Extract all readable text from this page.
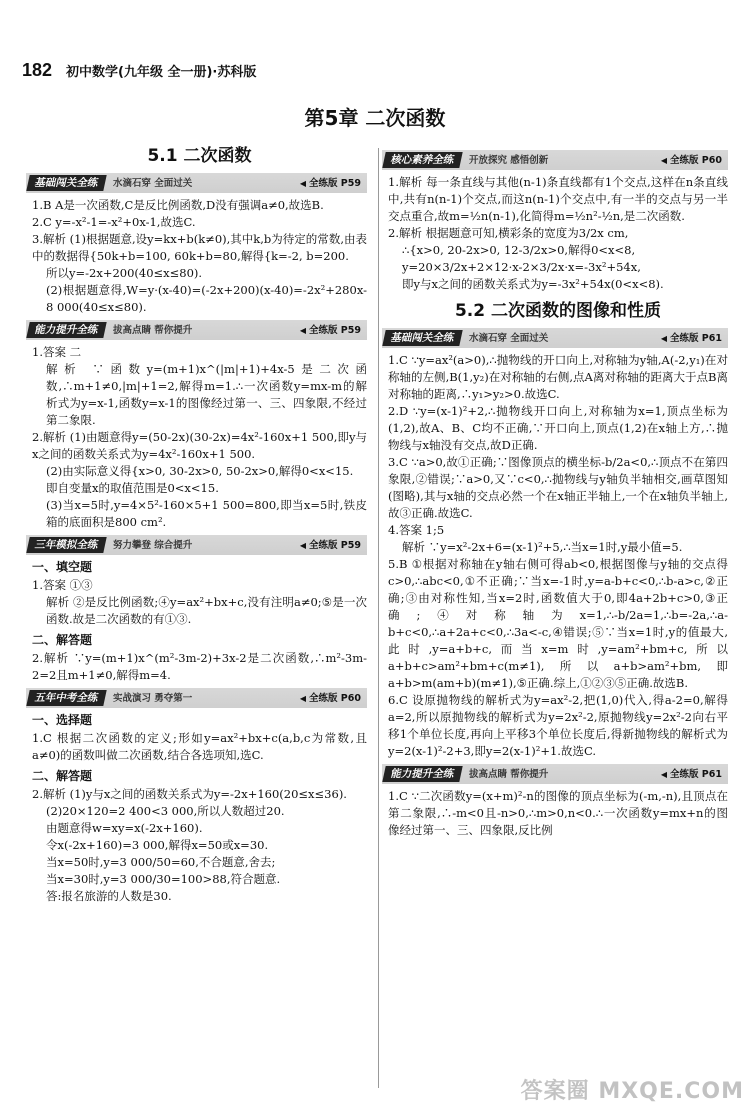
182 初中数学(九年级 全一册)·苏科版
第5章 二次函数
5.1 二次函数
基础闯关全练	水滴石穿 全面过关	◀ 全练版 P59

1.B A是一次函数,C是反比例函数,D没有强调a≠0,故选B.

2.C y=-x²-1=-x²+0x-1,故选C.

3.解析 (1)根据题意,设y=kx+b(k≠0),其中k,b为待定的常数,由表中的数据得{50k+b=100, 60k+b=80,解得{k=-2, b=200.

所以y=-2x+200(40≤x≤80).

(2)根据题意得,W=y·(x-40)=(-2x+200)(x-40)=-2x²+280x-8 000(40≤x≤80).

能力提升全练	拔高点睛 帮你提升	◀ 全练版 P59

1.答案 二

解析 ∵函数y=(m+1)x^(|m|+1)+4x-5是二次函数,∴m+1≠0,|m|+1=2,解得m=1.∴一次函数y=mx-m的解析式为y=x-1,函数y=x-1的图像经过第一、三、四象限,不经过第二象限.

2.解析 (1)由题意得y=(50-2x)(30-2x)=4x²-160x+1 500,即y与x之间的函数关系式为y=4x²-160x+1 500.

(2)由实际意义得{x>0, 30-2x>0, 50-2x>0,解得0<x<15.

即自变量x的取值范围是0<x<15.

(3)当x=5时,y=4×5²-160×5+1 500=800,即当x=5时,铁皮箱的底面积是800 cm².

三年模拟全练	努力攀登 综合提升	◀ 全练版 P59

一、填空题

1.答案 ①③

解析 ②是反比例函数;④y=ax²+bx+c,没有注明a≠0;⑤是一次函数.故是二次函数的有①③.

二、解答题

2.解析 ∵y=(m+1)x^(m²-3m-2)+3x-2是二次函数,∴m²-3m-2=2且m+1≠0,解得m=4.

五年中考全练	实战演习 勇夺第一	◀ 全练版 P60

一、选择题

1.C 根据二次函数的定义;形如y=ax²+bx+c(a,b,c为常数,且a≠0)的函数叫做二次函数,结合各选项知,选C.

二、解答题

2.解析 (1)y与x之间的函数关系式为y=-2x+160(20≤x≤36).

(2)20×120=2 400<3 000,所以人数超过20.

由题意得w=xy=x(-2x+160).

令x(-2x+160)=3 000,解得x=50或x=30.

当x=50时,y=3 000/50=60,不合题意,舍去;

当x=30时,y=3 000/30=100>88,符合题意.

答:报名旅游的人数是30.

核心素养全练	开放探究 感悟创新	◀ 全练版 P60

1.解析 每一条直线与其他(n-1)条直线都有1个交点,这样在n条直线中,共有n(n-1)个交点,而这n(n-1)个交点中,有一半的交点与另一半交点重合,故m=½n(n-1),化简得m=½n²-½n,是二次函数.

2.解析 根据题意可知,横彩条的宽度为3/2x cm,

∴{x>0, 20-2x>0, 12-3/2x>0,解得0<x<8,

y=20×3/2x+2×12·x-2×3/2x·x=-3x²+54x,

即y与x之间的函数关系式为y=-3x²+54x(0<x<8).

5.2 二次函数的图像和性质
基础闯关全练	水滴石穿 全面过关	◀ 全练版 P61

1.C ∵y=ax²(a>0),∴抛物线的开口向上,对称轴为y轴,A(-2,y₁)在对称轴的左侧,B(1,y₂)在对称轴的右侧,点A离对称轴的距离大于点B离对称轴的距离,∴y₁>y₂>0.故选C.

2.D ∵y=(x-1)²+2,∴抛物线开口向上,对称轴为x=1,顶点坐标为(1,2),故A、B、C均不正确,∵开口向上,顶点(1,2)在x轴上方,∴抛物线与x轴没有交点,故D正确.

3.C ∵a>0,故①正确;∵图像顶点的横坐标-b/2a<0,∴顶点不在第四象限,②错误;∵a>0,又∵c<0,∴抛物线与y轴负半轴相交,画草图知(图略),其与x轴的交点必然一个在x轴正半轴上,一个在x轴负半轴上,故③正确.故选C.

4.答案 1;5

解析 ∵y=x²-2x+6=(x-1)²+5,∴当x=1时,y最小值=5.

5.B ①根据对称轴在y轴右侧可得ab<0,根据图像与y轴的交点得c>0,∴abc<0,①不正确;∵当x=-1时,y=a-b+c<0,∴b-a>c,②正确;③由对称性知,当x=2时,函数值大于0,即4a+2b+c>0,③正确;④对称轴为x=1,∴-b/2a=1,∴b=-2a,∴a-b+c<0,∴a+2a+c<0,∴3a<-c,④错误;⑤∵当x=1时,y的值最大,此时,y=a+b+c,而当x=m时,y=am²+bm+c,所以a+b+c>am²+bm+c(m≠1),所以a+b>am²+bm,即a+b>m(am+b)(m≠1),⑤正确.综上,①②③⑤正确.故选B.

6.C 设原抛物线的解析式为y=ax²-2,把(1,0)代入,得a-2=0,解得a=2,所以原抛物线的解析式为y=2x²-2,原抛物线y=2x²-2向右平移1个单位长度,再向上平移3个单位长度后,得新抛物线的解析式为y=2(x-1)²-2+3,即y=2(x-1)²+1.故选C.

能力提升全练	拔高点睛 帮你提升	◀ 全练版 P61

1.C ∵二次函数y=(x+m)²-n的图像的顶点坐标为(-m,-n),且顶点在第二象限,∴-m<0且-n>0,∴m>0,n<0.∴一次函数y=mx+n的图像经过第一、三、四象限,反比例

答案圈 MXQE.COM
